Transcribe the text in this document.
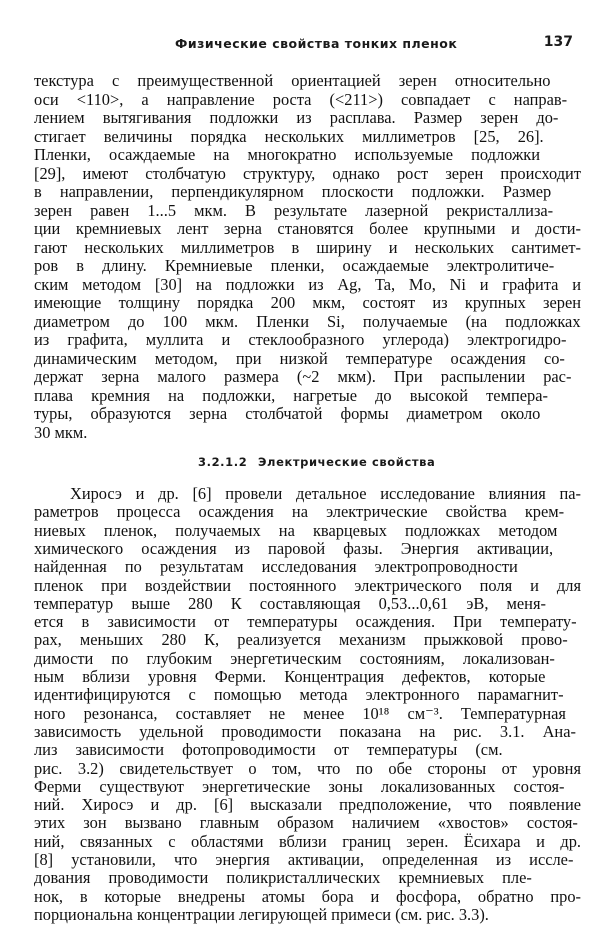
Физические свойства тонких пленок	137
текстура с преимущественной ориентацией зерен относительно
оси <110>, а направление роста (<211>) совпадает с направ-
лением вытягивания подложки из расплава. Размер зерен до-
стигает величины порядка нескольких миллиметров [25, 26].
Пленки, осаждаемые на многократно используемые подложки
[29], имеют столбчатую структуру, однако рост зерен происходит
в направлении, перпендикулярном плоскости подложки. Размер
зерен равен 1...5 мкм. В результате лазерной рекристаллиза-
ции кремниевых лент зерна становятся более крупными и дости-
гают нескольких миллиметров в ширину и нескольких сантимет-
ров в длину. Кремниевые пленки, осаждаемые электролитиче-
ским методом [30] на подложки из Ag, Ta, Mo, Ni и графита и
имеющие толщину порядка 200 мкм, состоят из крупных зерен
диаметром до 100 мкм. Пленки Si, получаемые (на подложках
из графита, муллита и стеклообразного углерода) электрогидро-
динамическим методом, при низкой температуре осаждения со-
держат зерна малого размера (~2 мкм). При распылении рас-
плава кремния на подложки, нагретые до высокой темпера-
туры, образуются зерна столбчатой формы диаметром около
30 мкм.
3.2.1.2 Электрические свойства
Хиросэ и др. [6] провели детальное исследование влияния па-
раметров процесса осаждения на электрические свойства крем-
ниевых пленок, получаемых на кварцевых подложках методом
химического осаждения из паровой фазы. Энергия активации,
найденная по результатам исследования электропроводности
пленок при воздействии постоянного электрического поля и для
температур выше 280 К составляющая 0,53...0,61 эВ, меня-
ется в зависимости от температуры осаждения. При температу-
рах, меньших 280 К, реализуется механизм прыжковой прово-
димости по глубоким энергетическим состояниям, локализован-
ным вблизи уровня Ферми. Концентрация дефектов, которые
идентифицируются с помощью метода электронного парамагнит-
ного резонанса, составляет не менее 10¹⁸ см⁻³. Температурная
зависимость удельной проводимости показана на рис. 3.1. Ана-
лиз зависимости фотопроводимости от температуры (см.
рис. 3.2) свидетельствует о том, что по обе стороны от уровня
Ферми существуют энергетические зоны локализованных состоя-
ний. Хиросэ и др. [6] высказали предположение, что появление
этих зон вызвано главным образом наличием «хвостов» состоя-
ний, связанных с областями вблизи границ зерен. Ёсихара и др.
[8] установили, что энергия активации, определенная из иссле-
дования проводимости поликристаллических кремниевых пле-
нок, в которые внедрены атомы бора и фосфора, обратно про-
порциональна концентрации легирующей примеси (см. рис. 3.3).
